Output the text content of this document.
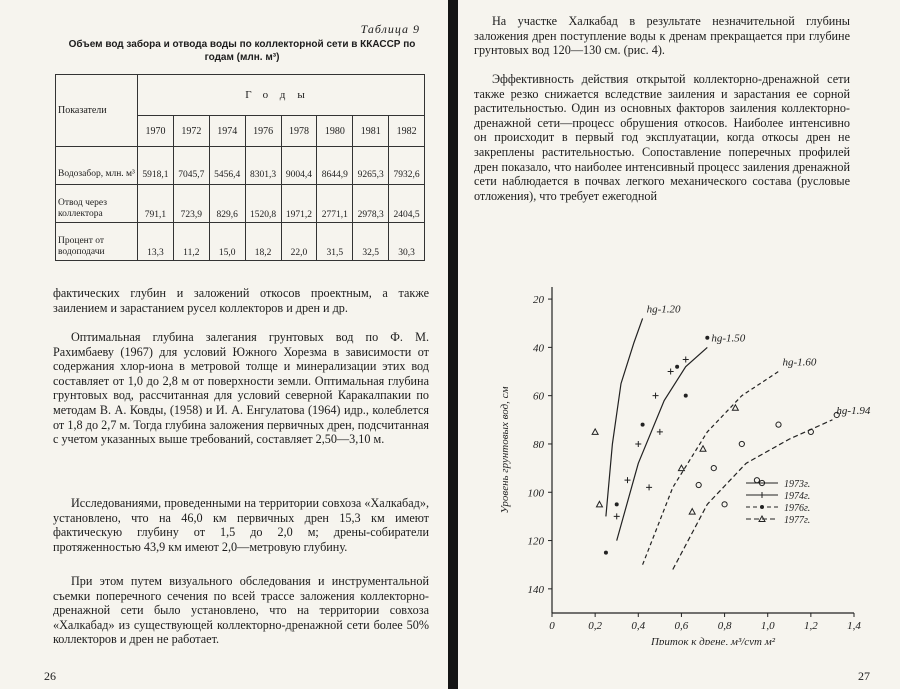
Таблица 9
Объем вод забора и отвода воды по коллекторной сети в ККАССР по годам (млн. м³)
Показатели	Годы							
	1970	1972	1974	1976	1978	1980	1981	1982
Водозабор, млн. м³	5918,1	7045,7	5456,4	8301,3	9004,4	8644,9	9265,3	7932,6
Отвод через коллектора	791,1	723,9	829,6	1520,8	1971,2	2771,1	2978,3	2404,5
Процент от водоподачи	13,3	11,2	15,0	18,2	22,0	31,5	32,5	30,3

фактических глубин и заложений откосов проектным, а также заилением и зарастанием русел коллекторов и дрен и др.

Оптимальная глубина залегания грунтовых вод по Ф. М. Рахимбаеву (1967) для условий Южного Хорезма в зависимости от содержания хлор-иона в метровой толще и минерализации этих вод составляет от 1,0 до 2,8 м от поверхности земли. Оптимальная глубина грунтовых вод, рассчитанная для условий северной Каракалпакии по методам В. А. Ковды, (1958) и И. А. Енгулатова (1964) идр., колеблется от 1,8 до 2,7 м. Тогда глубина заложения первичных дрен, подсчитанная с учетом указанных выше требований, составляет 2,50—3,10 м.

Исследованиями, проведенными на территории совхоза «Халкабад», установлено, что на 46,0 км первичных дрен 15,3 км имеют фактическую глубину от 1,5 до 2,0 м; дрены-собиратели протяженностью 43,9 км имеют 2,0—метровую глубину.

При этом путем визуального обследования и инструментальной съемки поперечного сечения по всей трассе заложения коллекторно-дренажной сети было установлено, что на территории совхоза «Халкабад» из существующей коллекторно-дренажной сети более 50% коллекторов и дрен не работает.

26

На участке Халкабад в результате незначительной глубины заложения дрен поступление воды к дренам прекращается при глубине грунтовых вод 120—130 см. (рис. 4).

Эффективность действия открытой коллекторно-дренажной сети также резко снижается вследствие заиления и зарастания ее сорной растительностью. Один из основных факторов заиления коллекторно-дренажной сети—процесс обрушения откосов. Наиболее интенсивно он происходит в первый год эксплуатации, когда откосы дрен не закреплены растительностью. Сопоставление поперечных профилей дрен показало, что наиболее интенсивный процесс заиления дренажной сети наблюдается в почвах легкого механического состава (русловые отложения), что требует ежегодной

0	0,2	0,4	0,6	0,8	1,0	1,2	1,4
20
40
60
80
100
120
140
Приток к дрене, м³/сут м²
Уровень грунтовых вод, см
hg-1.20
hg-1.50
hg-1.60
hg-1.94
1973г.
1974г.
1976г.
1977г.
27
